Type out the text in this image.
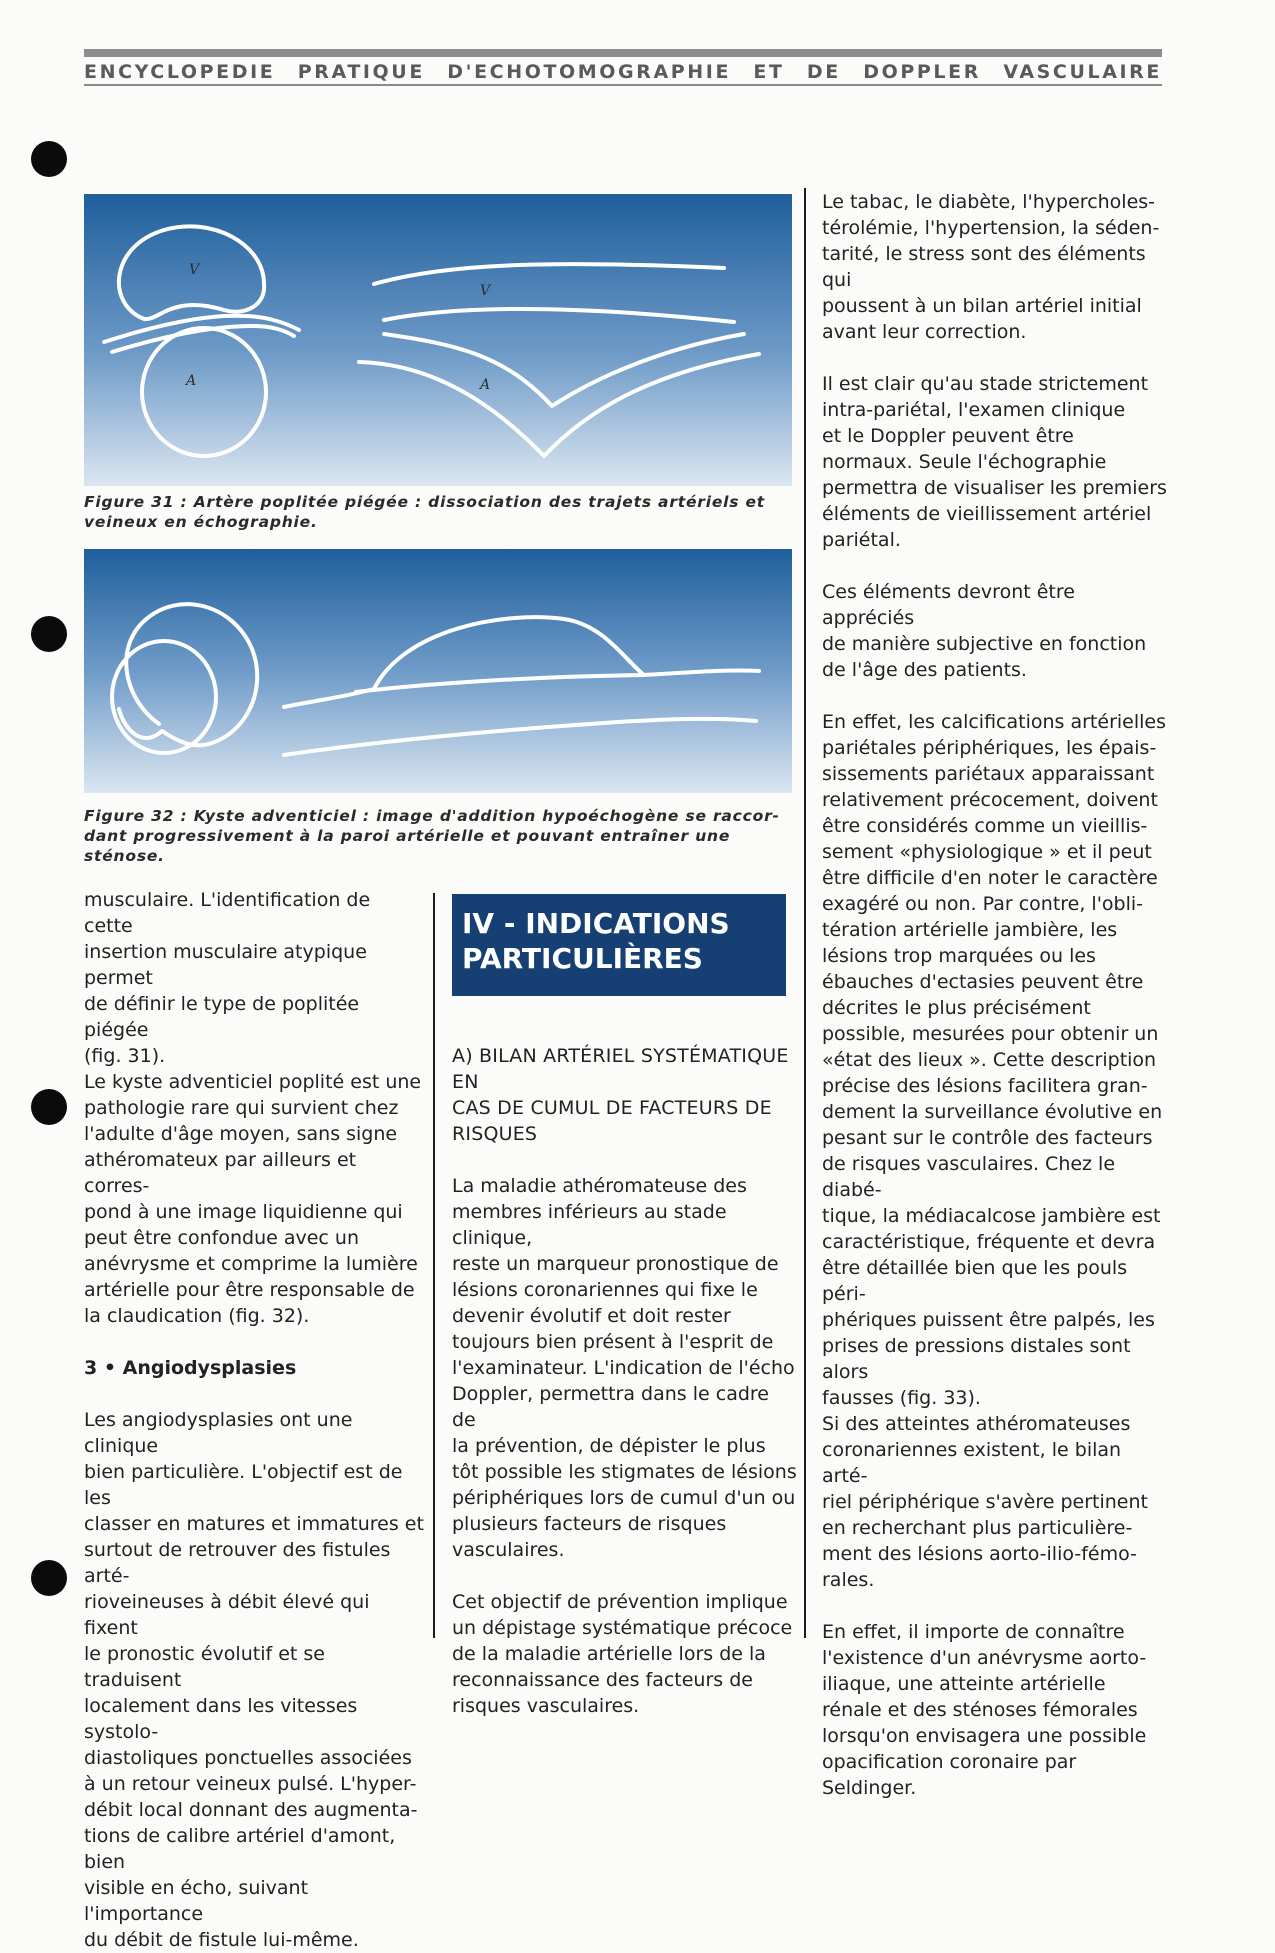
ENCYCLOPEDIE PRATIQUE D'ECHOTOMOGRAPHIE ET DE DOPPLER VASCULAIRE
V
A
V
A
Figure 31 : Artère poplitée piégée : dissociation des trajets artériels et
veineux en échographie.
Figure 32 : Kyste adventiciel : image d'addition hypoéchogène se raccor-
dant progressivement à la paroi artérielle et pouvant entraîner une
sténose.

musculaire. L'identification de cette

insertion musculaire atypique permet

de définir le type de poplitée piégée

(fig. 31).

Le kyste adventiciel poplité est une

pathologie rare qui survient chez

l'adulte d'âge moyen, sans signe

athéromateux par ailleurs et corres-

pond à une image liquidienne qui

peut être confondue avec un

anévrysme et comprime la lumière

artérielle pour être responsable de

la claudication (fig. 32).

3 • Angiodysplasies

Les angiodysplasies ont une clinique

bien particulière. L'objectif est de les

classer en matures et immatures et

surtout de retrouver des fistules arté-

rioveineuses à débit élevé qui fixent

le pronostic évolutif et se traduisent

localement dans les vitesses systolo-

diastoliques ponctuelles associées

à un retour veineux pulsé. L'hyper-

débit local donnant des augmenta-

tions de calibre artériel d'amont, bien

visible en écho, suivant l'importance

du débit de fistule lui-même.

IV - INDICATIONS
PARTICULIÈRES

A) BILAN ARTÉRIEL SYSTÉMATIQUE EN

CAS DE CUMUL DE FACTEURS DE

RISQUES

La maladie athéromateuse des

membres inférieurs au stade clinique,

reste un marqueur pronostique de

lésions coronariennes qui fixe le

devenir évolutif et doit rester

toujours bien présent à l'esprit de

l'examinateur. L'indication de l'écho

Doppler, permettra dans le cadre de

la prévention, de dépister le plus

tôt possible les stigmates de lésions

périphériques lors de cumul d'un ou

plusieurs facteurs de risques

vasculaires.

Cet objectif de prévention implique

un dépistage systématique précoce

de la maladie artérielle lors de la

reconnaissance des facteurs de

risques vasculaires.

Le tabac, le diabète, l'hypercholes-

térolémie, l'hypertension, la séden-

tarité, le stress sont des éléments qui

poussent à un bilan artériel initial

avant leur correction.

Il est clair qu'au stade strictement

intra-pariétal, l'examen clinique

et le Doppler peuvent être

normaux. Seule l'échographie

permettra de visualiser les premiers

éléments de vieillissement artériel

pariétal.

Ces éléments devront être appréciés

de manière subjective en fonction

de l'âge des patients.

En effet, les calcifications artérielles

pariétales périphériques, les épais-

sissements pariétaux apparaissant

relativement précocement, doivent

être considérés comme un vieillis-

sement «physiologique » et il peut

être difficile d'en noter le caractère

exagéré ou non. Par contre, l'obli-

tération artérielle jambière, les

lésions trop marquées ou les

ébauches d'ectasies peuvent être

décrites le plus précisément

possible, mesurées pour obtenir un

«état des lieux ». Cette description

précise des lésions facilitera gran-

dement la surveillance évolutive en

pesant sur le contrôle des facteurs

de risques vasculaires. Chez le diabé-

tique, la médiacalcose jambière est

caractéristique, fréquente et devra

être détaillée bien que les pouls péri-

phériques puissent être palpés, les

prises de pressions distales sont alors

fausses (fig. 33).

Si des atteintes athéromateuses

coronariennes existent, le bilan arté-

riel périphérique s'avère pertinent

en recherchant plus particulière-

ment des lésions aorto-ilio-fémo-

rales.

En effet, il importe de connaître

l'existence d'un anévrysme aorto-

iliaque, une atteinte artérielle

rénale et des sténoses fémorales

lorsqu'on envisagera une possible

opacification coronaire par

Seldinger.
